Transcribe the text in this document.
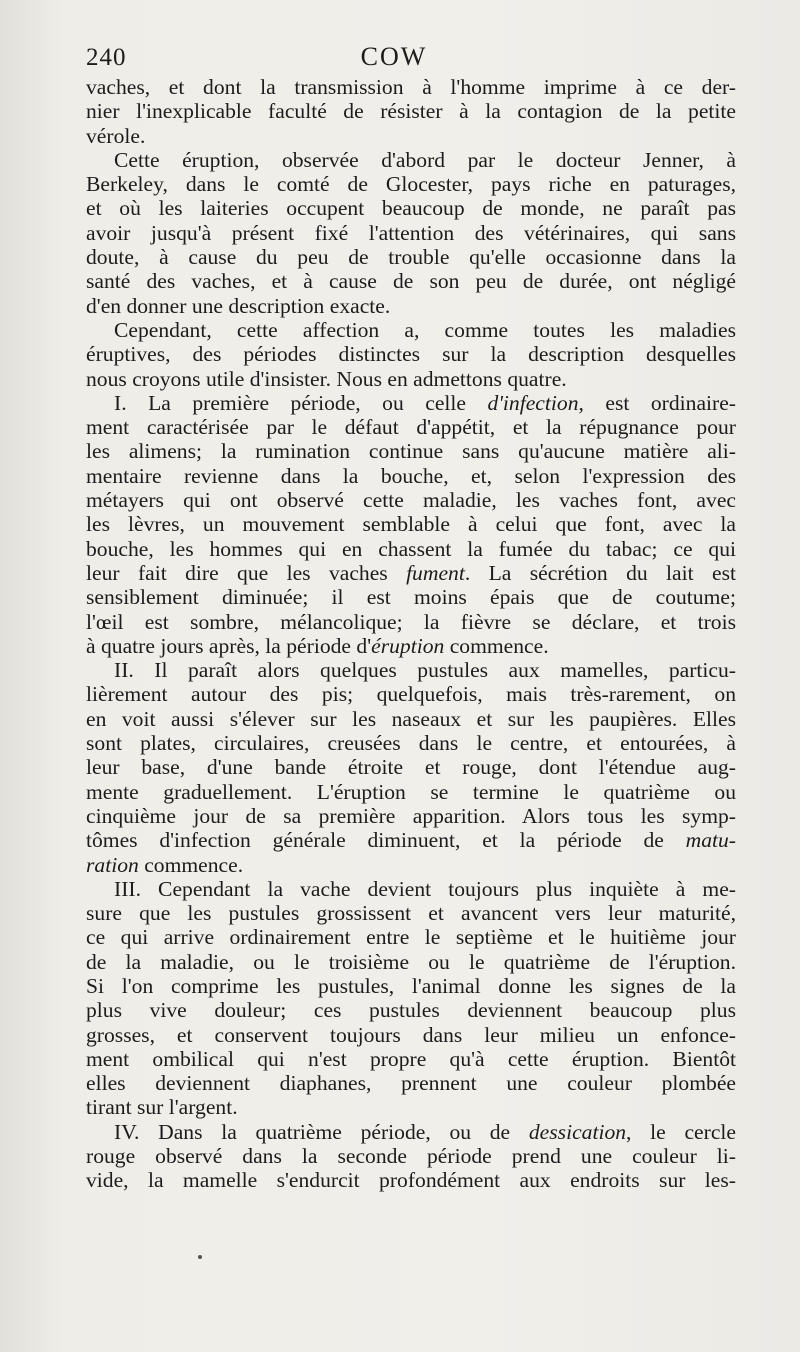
240	COW

vaches, et dont la transmission à l'homme imprime à ce der-
nier l'inexplicable faculté de résister à la contagion de la petite
vérole.

Cette éruption, observée d'abord par le docteur Jenner, à
Berkeley, dans le comté de Glocester, pays riche en paturages,
et où les laiteries occupent beaucoup de monde, ne paraît pas
avoir jusqu'à présent fixé l'attention des vétérinaires, qui sans
doute, à cause du peu de trouble qu'elle occasionne dans la
santé des vaches, et à cause de son peu de durée, ont négligé
d'en donner une description exacte.

Cependant, cette affection a, comme toutes les maladies
éruptives, des périodes distinctes sur la description desquelles
nous croyons utile d'insister. Nous en admettons quatre.

I. La première période, ou celle d'infection, est ordinaire-
ment caractérisée par le défaut d'appétit, et la répugnance pour
les alimens; la rumination continue sans qu'aucune matière ali-
mentaire revienne dans la bouche, et, selon l'expression des
métayers qui ont observé cette maladie, les vaches font, avec
les lèvres, un mouvement semblable à celui que font, avec la
bouche, les hommes qui en chassent la fumée du tabac; ce qui
leur fait dire que les vaches fument. La sécrétion du lait est
sensiblement diminuée; il est moins épais que de coutume;
l'œil est sombre, mélancolique; la fièvre se déclare, et trois
à quatre jours après, la période d'éruption commence.

II. Il paraît alors quelques pustules aux mamelles, particu-
lièrement autour des pis; quelquefois, mais très-rarement, on
en voit aussi s'élever sur les naseaux et sur les paupières. Elles
sont plates, circulaires, creusées dans le centre, et entourées, à
leur base, d'une bande étroite et rouge, dont l'étendue aug-
mente graduellement. L'éruption se termine le quatrième ou
cinquième jour de sa première apparition. Alors tous les symp-
tômes d'infection générale diminuent, et la période de matu-
ration commence.

III. Cependant la vache devient toujours plus inquiète à me-
sure que les pustules grossissent et avancent vers leur maturité,
ce qui arrive ordinairement entre le septième et le huitième jour
de la maladie, ou le troisième ou le quatrième de l'éruption.
Si l'on comprime les pustules, l'animal donne les signes de la
plus vive douleur; ces pustules deviennent beaucoup plus
grosses, et conservent toujours dans leur milieu un enfonce-
ment ombilical qui n'est propre qu'à cette éruption. Bientôt
elles deviennent diaphanes, prennent une couleur plombée
tirant sur l'argent.

IV. Dans la quatrième période, ou de dessication, le cercle
rouge observé dans la seconde période prend une couleur li-
vide, la mamelle s'endurcit profondément aux endroits sur les-
